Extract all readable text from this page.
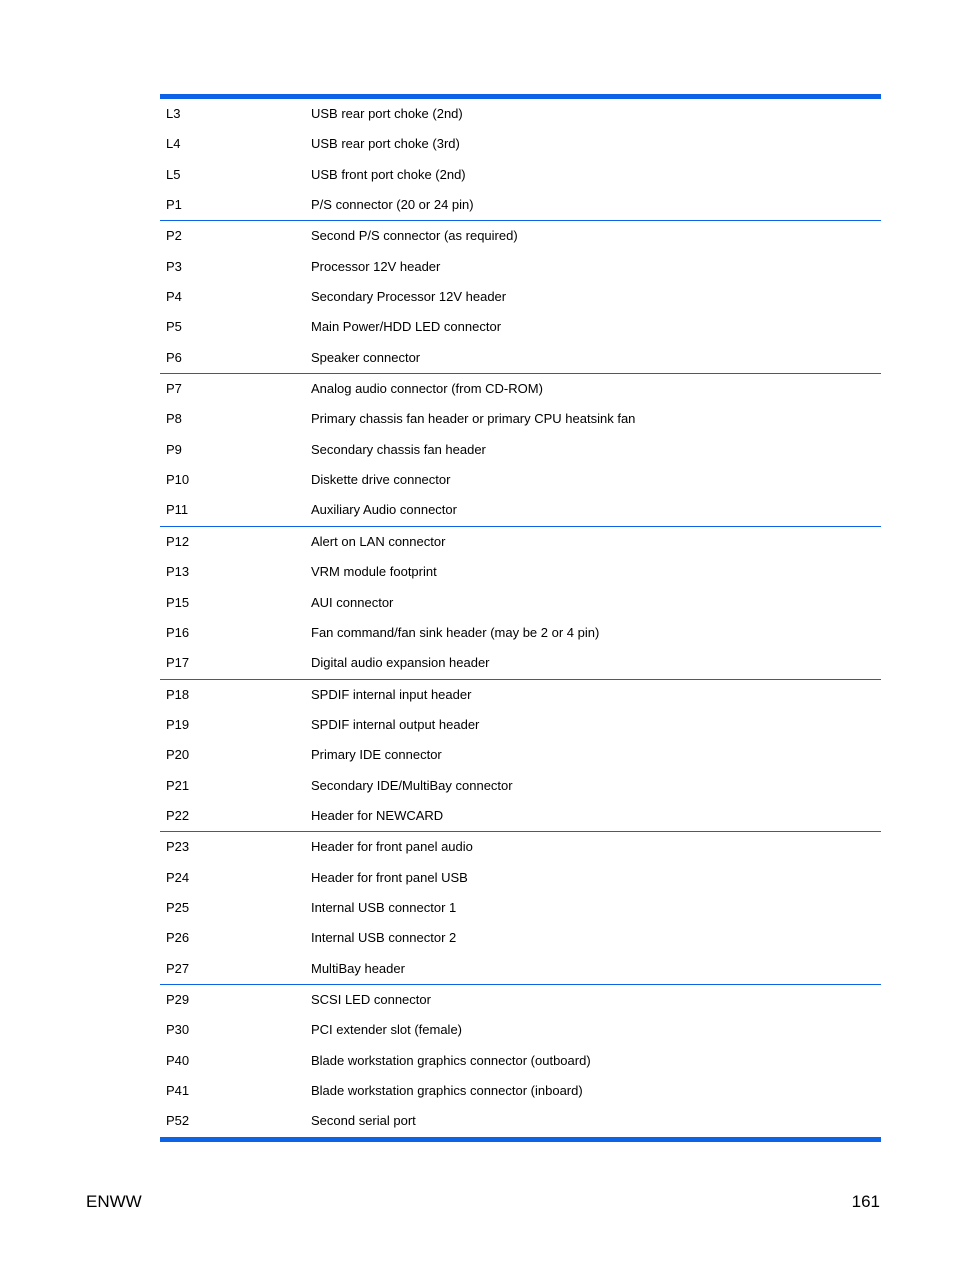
L3	USB rear port choke (2nd)
L4	USB rear port choke (3rd)
L5	USB front port choke (2nd)
P1	P/S connector (20 or 24 pin)
P2	Second P/S connector (as required)
P3	Processor 12V header
P4	Secondary Processor 12V header
P5	Main Power/HDD LED connector
P6	Speaker connector
P7	Analog audio connector (from CD-ROM)
P8	Primary chassis fan header or primary CPU heatsink fan
P9	Secondary chassis fan header
P10	Diskette drive connector
P11	Auxiliary Audio connector
P12	Alert on LAN connector
P13	VRM module footprint
P15	AUI connector
P16	Fan command/fan sink header (may be 2 or 4 pin)
P17	Digital audio expansion header
P18	SPDIF internal input header
P19	SPDIF internal output header
P20	Primary IDE connector
P21	Secondary IDE/MultiBay connector
P22	Header for NEWCARD
P23	Header for front panel audio
P24	Header for front panel USB
P25	Internal USB connector 1
P26	Internal USB connector 2
P27	MultiBay header
P29	SCSI LED connector
P30	PCI extender slot (female)
P40	Blade workstation graphics connector (outboard)
P41	Blade workstation graphics connector (inboard)
P52	Second serial port
ENWW	161
